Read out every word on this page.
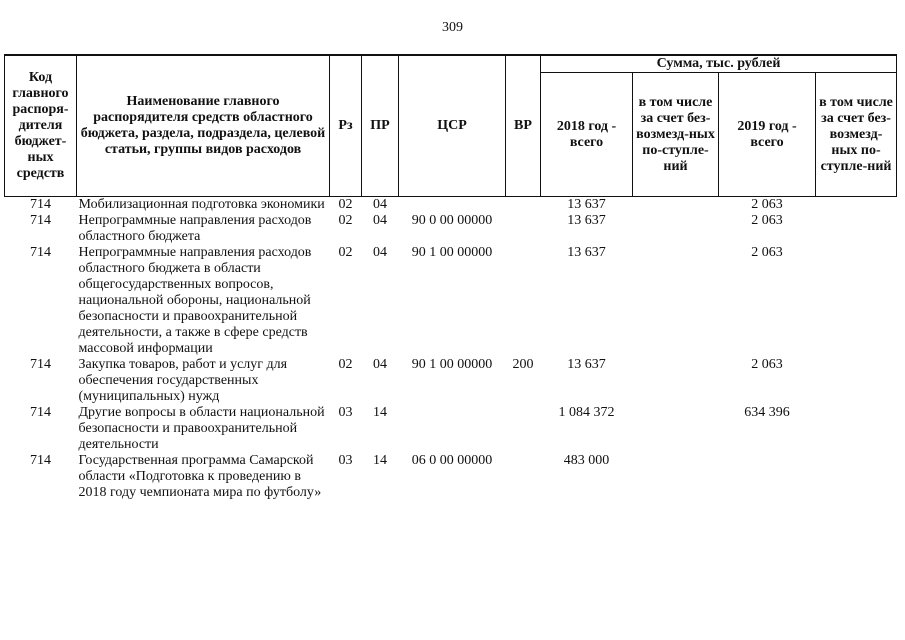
309
Код главного распоря-дителя бюджет-ных средств	Наименование главного распорядителя средств областного бюджета, раздела, подраздела, целевой статьи, группы видов расходов	Рз	ПР	ЦСР	ВР	Сумма, тыс. рублей			
						2018 год - всего	в том числе за счет без-возмезд-ных по-ступле-ний	2019 год - всего	в том числе за счет без-возмезд-ных по-ступле-ний
714	Мобилизационная подготовка экономики	02	04			13 637		2 063	
714	Непрограммные направления расходов областного бюджета	02	04	90 0 00 00000		13 637		2 063	
714	Непрограммные направления расходов областного бюджета в области общегосударственных вопросов, национальной обороны, национальной безопасности и правоохранительной деятельности, а также в сфере средств массовой информации	02	04	90 1 00 00000		13 637		2 063	
714	Закупка товаров, работ и услуг для обеспечения государственных (муниципальных) нужд	02	04	90 1 00 00000	200	13 637		2 063	
714	Другие вопросы в области национальной безопасности и правоохранительной деятельности	03	14			1 084 372		634 396	
714	Государственная программа Самарской области «Подготовка к проведению в 2018 году чемпионата мира по футболу»	03	14	06 0 00 00000		483 000			
